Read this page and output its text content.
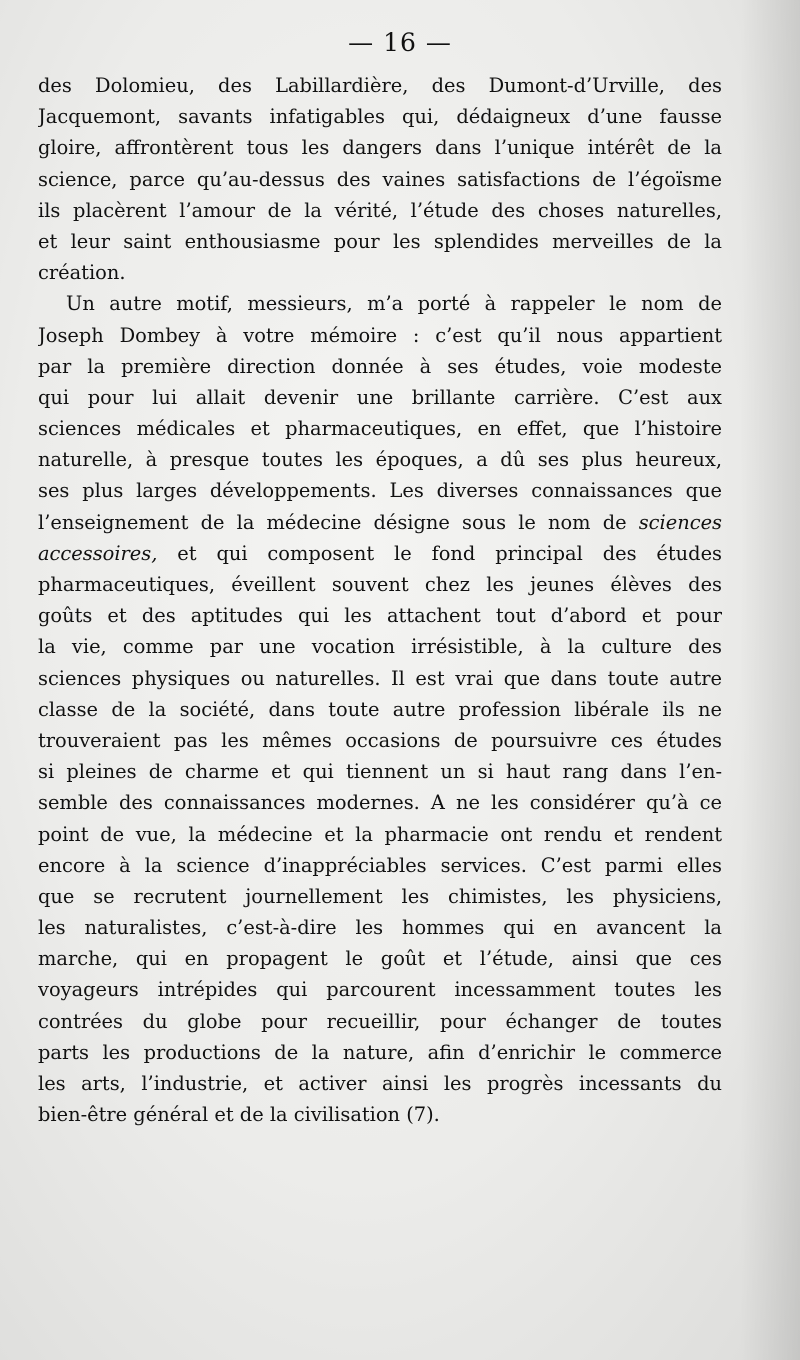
— 16 —
des Dolomieu, des Labillardière, des Dumont-d’Urville, des
Jacquemont, savants infatigables qui, dédaigneux d’une fausse
gloire, affrontèrent tous les dangers dans l’unique intérêt de la
science, parce qu’au-dessus des vaines satisfactions de l’égoïsme
ils placèrent l’amour de la vérité, l’étude des choses naturelles,
et leur saint enthousiasme pour les splendides merveilles de la
création.
Un autre motif, messieurs, m’a porté à rappeler le nom de
Joseph Dombey à votre mémoire : c’est qu’il nous appartient
par la première direction donnée à ses études, voie modeste
qui pour lui allait devenir une brillante carrière. C’est aux
sciences médicales et pharmaceutiques, en effet, que l’histoire
naturelle, à presque toutes les époques, a dû ses plus heureux,
ses plus larges développements. Les diverses connaissances que
l’enseignement de la médecine désigne sous le nom de sciences
accessoires, et qui composent le fond principal des études
pharmaceutiques, éveillent souvent chez les jeunes élèves des
goûts et des aptitudes qui les attachent tout d’abord et pour
la vie, comme par une vocation irrésistible, à la culture des
sciences physiques ou naturelles. Il est vrai que dans toute autre
classe de la société, dans toute autre profession libérale ils ne
trouveraient pas les mêmes occasions de poursuivre ces études
si pleines de charme et qui tiennent un si haut rang dans l’en-
semble des connaissances modernes. A ne les considérer qu’à ce
point de vue, la médecine et la pharmacie ont rendu et rendent
encore à la science d’inappréciables services. C’est parmi elles
que se recrutent journellement les chimistes, les physiciens,
les naturalistes, c’est-à-dire les hommes qui en avancent la
marche, qui en propagent le goût et l’étude, ainsi que ces
voyageurs intrépides qui parcourent incessamment toutes les
contrées du globe pour recueillir, pour échanger de toutes
parts les productions de la nature, afin d’enrichir le commerce
les arts, l’industrie, et activer ainsi les progrès incessants du
bien-être général et de la civilisation (7).
